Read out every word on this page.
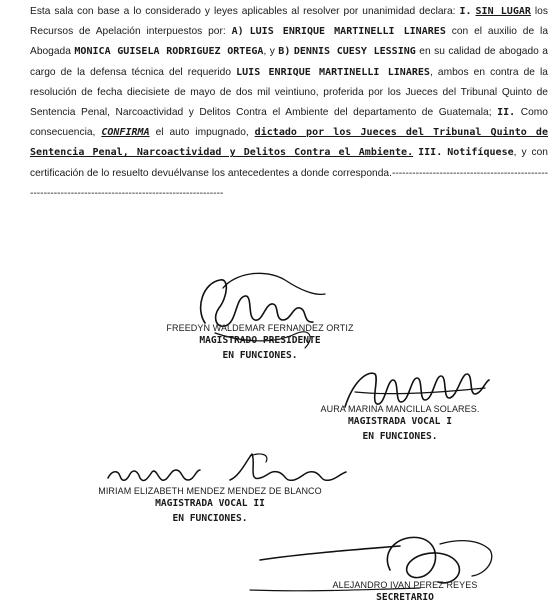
Esta sala con base a lo considerado y leyes aplicables al resolver por unanimidad declara: I. SIN LUGAR los Recursos de Apelación interpuestos por: A) LUIS ENRIQUE MARTINELLI LINARES con el auxilio de la Abogada MONICA GUISELA RODRIGUEZ ORTEGA, y B) DENNIS CUESY LESSING en su calidad de abogado a cargo de la defensa técnica del requerido LUIS ENRIQUE MARTINELLI LINARES, ambos en contra de la resolución de fecha diecisiete de mayo de dos mil veintiuno, proferida por los Jueces del Tribunal Quinto de Sentencia Penal, Narcoactividad y Delitos Contra el Ambiente del departamento de Guatemala; II. Como consecuencia, CONFIRMA el auto impugnado, dictado por los Jueces del Tribunal Quinto de Sentencia Penal, Narcoactividad y Delitos Contra el Ambiente. III. Notifíquese, y con certificación de lo resuelto devuélvanse los antecedentes a donde corresponda.-------------------------------------------------------------------------------------------------------
FREEDYN WALDEMAR FERNANDEZ ORTIZ
MAGISTRADO PRESIDENTE
EN FUNCIONES.
AURA MARINA MANCILLA SOLARES.
MAGISTRADA VOCAL I
EN FUNCIONES.
MIRIAM ELIZABETH MENDEZ MENDEZ DE BLANCO
MAGISTRADA VOCAL II
EN FUNCIONES.
ALEJANDRO IVAN PEREZ REYES
SECRETARIO
